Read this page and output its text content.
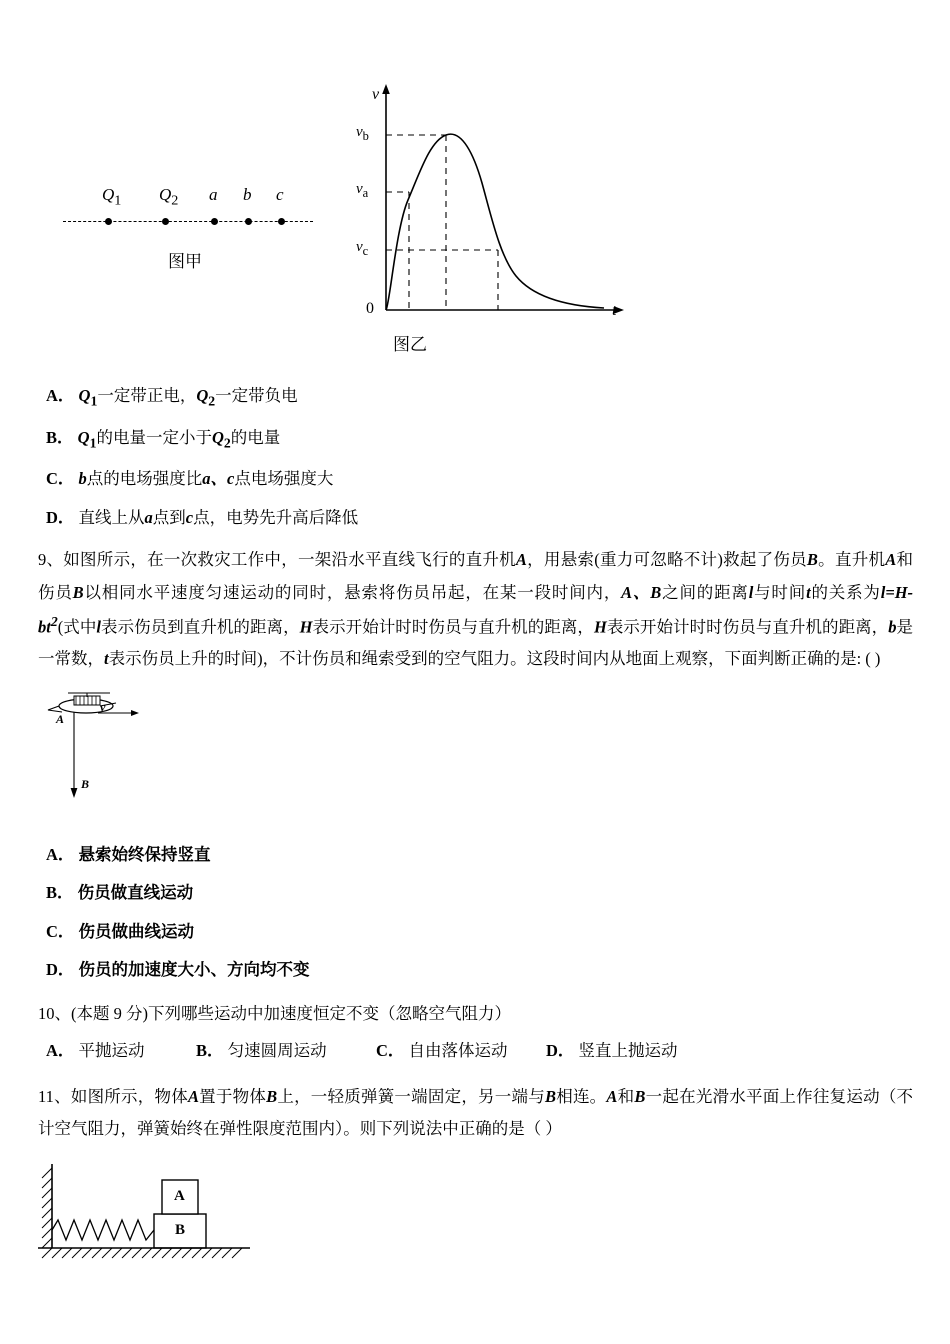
$Q_1$ $Q_2$ a b c
图甲
v
t
0
$v_b$
$v_a$
$v_c$
图乙
A． $Q_1$一定带正电，$Q_2$一定带负电
B． $Q_1$的电量一定小于$Q_2$的电量
C． b点的电场强度比a、c点电场强度大
D． 直线上从a点到c点，电势先升高后降低
9、如图所示，在一次救灾工作中，一架沿水平直线飞行的直升机A，用悬索(重力可忽略不计)救起了伤员B。直升机A和伤员B以相同水平速度匀速运动的同时，悬索将伤员吊起，在某一段时间内，A、B之间的距离l与时间t的关系为$l=H-bt^2$(式中l表示伤员到直升机的距离，H表示开始计时时伤员与直升机的距离，H表示开始计时时伤员与直升机的距离，b是一常数，t表示伤员上升的时间)，不计伤员和绳索受到的空气阻力。这段时间内从地面上观察，下面判断正确的是: ( )
A
v
B
A． 悬索始终保持竖直
B． 伤员做直线运动
C． 伤员做曲线运动
D． 伤员的加速度大小、方向均不变
10、(本题 9 分)下列哪些运动中加速度恒定不变（忽略空气阻力）
A． 平抛运动	B． 匀速圆周运动	C． 自由落体运动 D． 竖直上抛运动
11、如图所示，物体A置于物体B上，一轻质弹簧一端固定，另一端与B相连。A和B一起在光滑水平面上作往复运动（不计空气阻力，弹簧始终在弹性限度范围内）。则下列说法中正确的是（ ）
A
B
